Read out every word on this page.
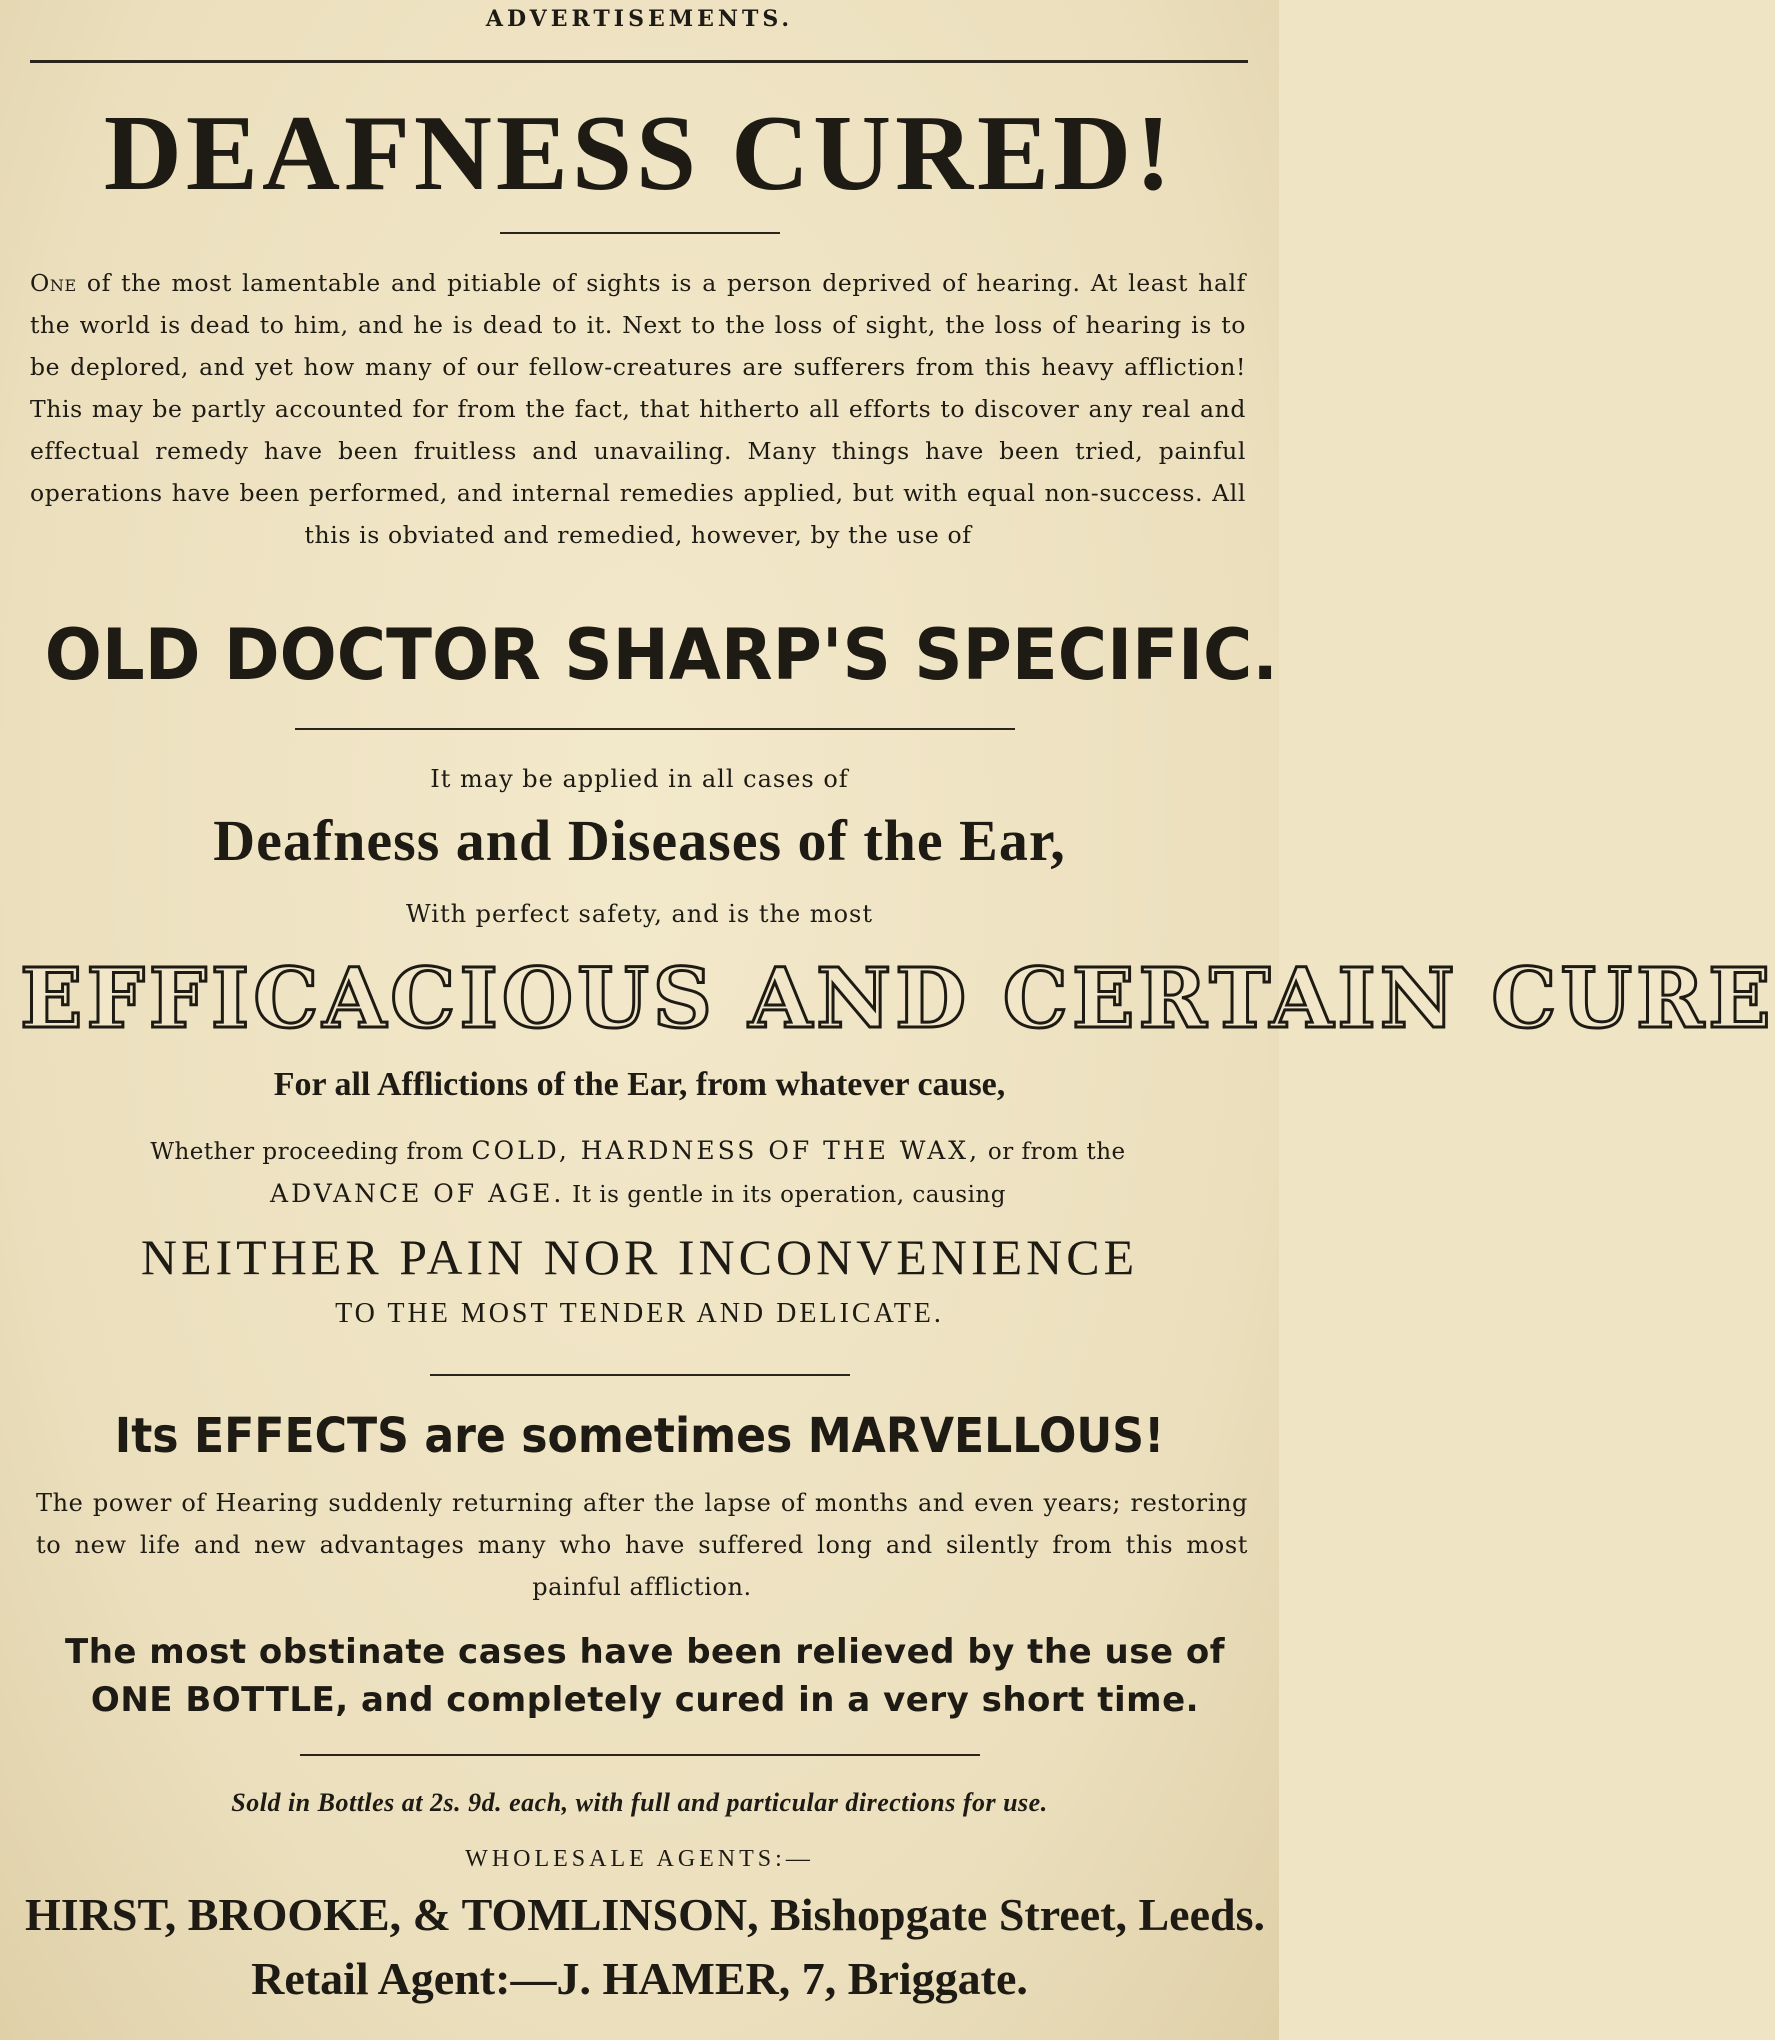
ADVERTISEMENTS.
DEAFNESS CURED!
One of the most lamentable and pitiable of sights is a person deprived of hearing. At least half the world is dead to him, and he is dead to it. Next to the loss of sight, the loss of hearing is to be deplored, and yet how many of our fellow-creatures are sufferers from this heavy affliction! This may be partly accounted for from the fact, that hitherto all efforts to discover any real and effectual remedy have been fruitless and unavailing. Many things have been tried, painful operations have been performed, and internal remedies applied, but with equal non-success. All this is obviated and remedied, however, by the use of
OLD DOCTOR SHARP'S SPECIFIC.
It may be applied in all cases of
Deafness and Diseases of the Ear,
With perfect safety, and is the most
EFFICACIOUS AND CERTAIN CURE
For all Afflictions of the Ear, from whatever cause,
Whether proceeding from COLD, HARDNESS OF THE WAX, or from the
ADVANCE OF AGE. It is gentle in its operation, causing
NEITHER PAIN NOR INCONVENIENCE
TO THE MOST TENDER AND DELICATE.
Its EFFECTS are sometimes MARVELLOUS!
The power of Hearing suddenly returning after the lapse of months and even years; restoring to new life and new advantages many who have suffered long and silently from this most painful affliction.
The most obstinate cases have been relieved by the use of ONE BOTTLE, and completely cured in a very short time.
Sold in Bottles at 2s. 9d. each, with full and particular directions for use.
WHOLESALE AGENTS:—
HIRST, BROOKE, & TOMLINSON, Bishopgate Street, Leeds.
Retail Agent:—J. HAMER, 7, Briggate.
